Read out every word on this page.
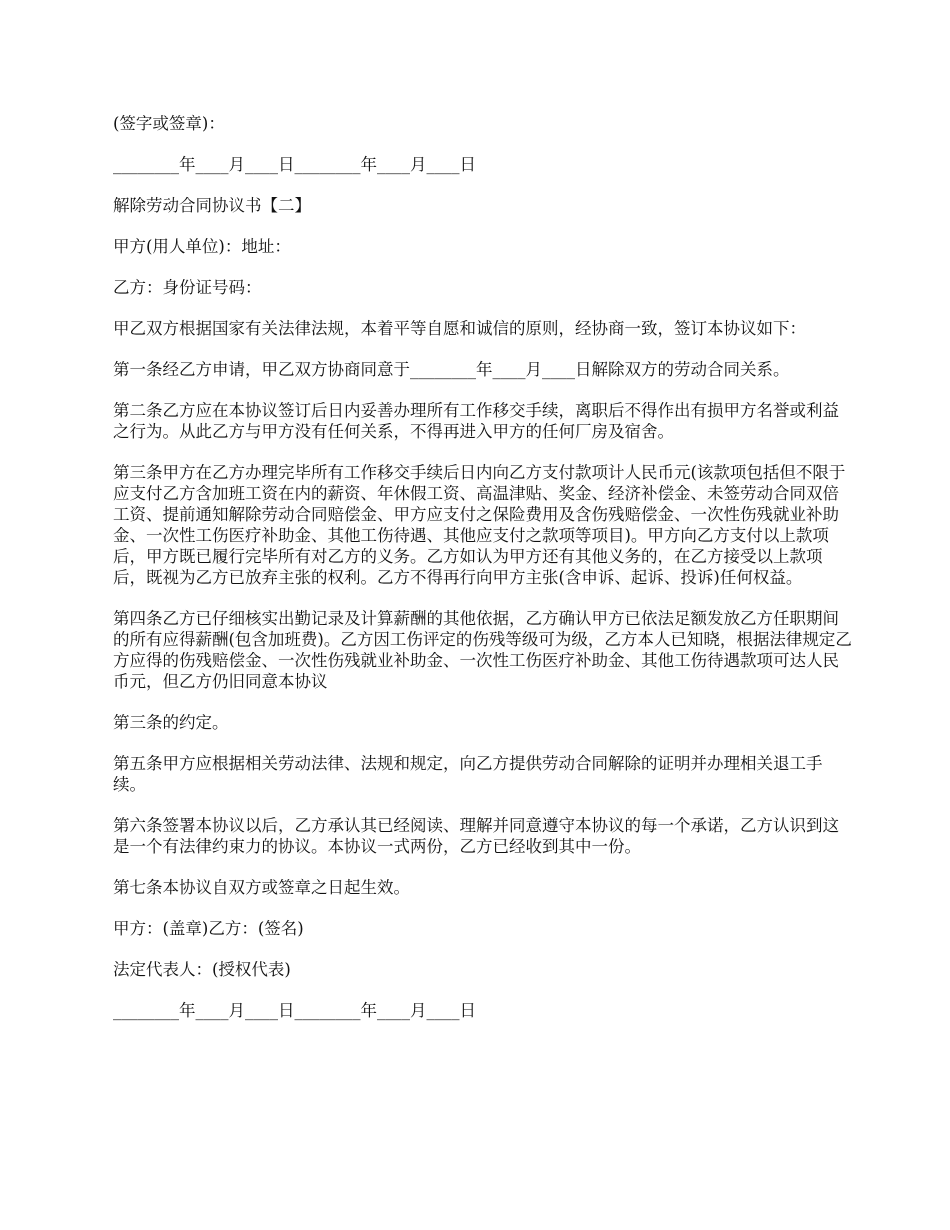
(签字或签章)：

________年____月____日________年____月____日

解除劳动合同协议书【二】

甲方(用人单位)：地址：

乙方：身份证号码：

甲乙双方根据国家有关法律法规，本着平等自愿和诚信的原则，经协商一致，签订本协议如下：

第一条经乙方申请，甲乙双方协商同意于________年____月____日解除双方的劳动合同关系。

第二条乙方应在本协议签订后日内妥善办理所有工作移交手续，离职后不得作出有损甲方名誉或利益之行为。从此乙方与甲方没有任何关系，不得再进入甲方的任何厂房及宿舍。

第三条甲方在乙方办理完毕所有工作移交手续后日内向乙方支付款项计人民币元(该款项包括但不限于应支付乙方含加班工资在内的薪资、年休假工资、高温津贴、奖金、经济补偿金、未签劳动合同双倍工资、提前通知解除劳动合同赔偿金、甲方应支付之保险费用及含伤残赔偿金、一次性伤残就业补助金、一次性工伤医疗补助金、其他工伤待遇、其他应支付之款项等项目)。甲方向乙方支付以上款项后，甲方既已履行完毕所有对乙方的义务。乙方如认为甲方还有其他义务的，在乙方接受以上款项后，既视为乙方已放弃主张的权利。乙方不得再行向甲方主张(含申诉、起诉、投诉)任何权益。

第四条乙方已仔细核实出勤记录及计算薪酬的其他依据，乙方确认甲方已依法足额发放乙方任职期间的所有应得薪酬(包含加班费)。乙方因工伤评定的伤残等级可为级，乙方本人已知晓，根据法律规定乙方应得的伤残赔偿金、一次性伤残就业补助金、一次性工伤医疗补助金、其他工伤待遇款项可达人民币元，但乙方仍旧同意本协议

第三条的约定。

第五条甲方应根据相关劳动法律、法规和规定，向乙方提供劳动合同解除的证明并办理相关退工手续。

第六条签署本协议以后，乙方承认其已经阅读、理解并同意遵守本协议的每一个承诺，乙方认识到这是一个有法律约束力的协议。本协议一式两份，乙方已经收到其中一份。

第七条本协议自双方或签章之日起生效。

甲方：(盖章)乙方：(签名)

法定代表人：(授权代表)

________年____月____日________年____月____日
